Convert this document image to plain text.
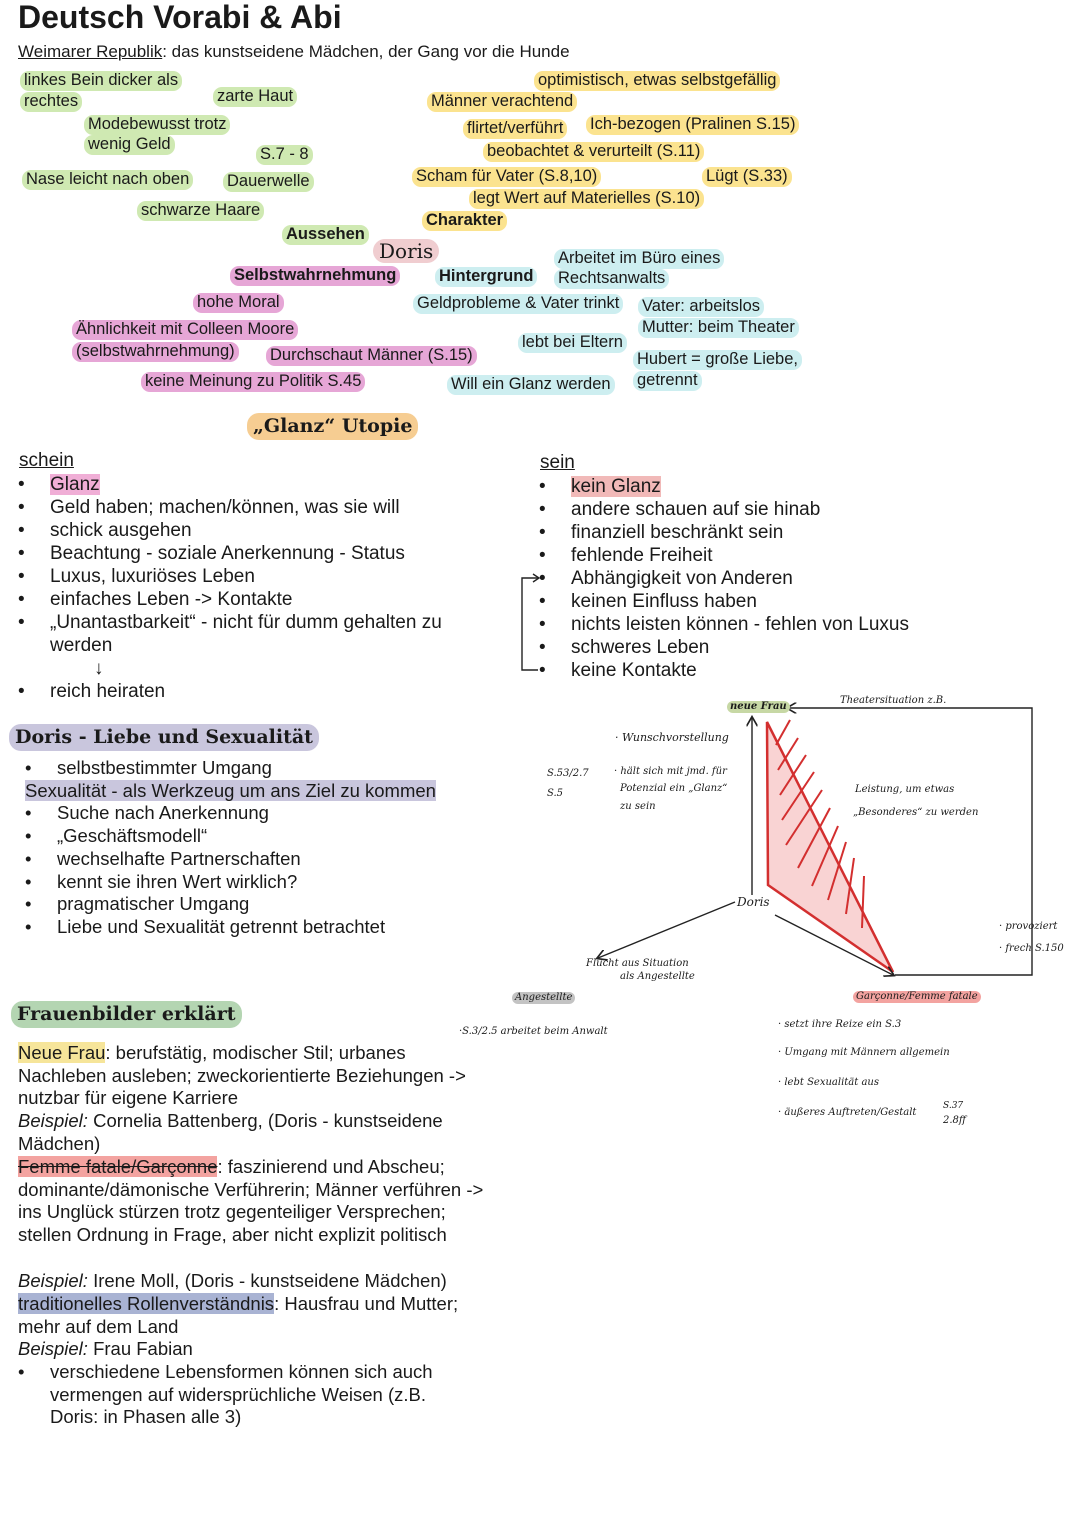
Deutsch Vorabi & Abi
Weimarer Republik: das kunstseidene Mädchen, der Gang vor die Hunde
linkes Bein dicker als
rechtes	zarte Haut
Modebewusst trotz
wenig Geld
Nase leicht nach oben Dauerwelle
schwarze Haare
S.7 - 8
Aussehen
optimistisch, etwas selbstgefällig
Männer verachtend
flirtet/verführt Ich-bezogen (Pralinen S.15)
beobachtet & verurteilt (S.11)
Scham für Vater (S.8,10)	Lügt (S.33)
legt Wert auf Materielles (S.10)
Charakter
Doris
Selbstwahrnehmung
hohe Moral
Ähnlichkeit mit Colleen Moore
(selbstwahrnehmung) Durchschaut Männer (S.15)
keine Meinung zu Politik S.45
Hintergrund
Arbeitet im Büro eines
Rechtsanwalts
Geldprobleme & Vater trinkt Vater: arbeitslos
Mutter: beim Theater
lebt bei Eltern
Hubert = große Liebe,
getrennt
Will ein Glanz werden
„Glanz“ Utopie
schein
• Glanz
• Geld haben; machen/können, was sie will
• schick ausgehen
• Beachtung - soziale Anerkennung - Status
• Luxus, luxuriöses Leben
• einfaches Leben -> Kontakte
• „Unantastbarkeit“ - nicht für dumm gehalten zu
werden
↓
• reich heiraten
sein
• kein Glanz
• andere schauen auf sie hinab
• finanziell beschränkt sein
• fehlende Freiheit
• Abhängigkeit von Anderen
• keinen Einfluss haben
• nichts leisten können - fehlen von Luxus
• schweres Leben
• keine Kontakte
Doris - Liebe und Sexualität
• selbstbestimmter Umgang
Sexualität - als Werkzeug um ans Ziel zu kommen
• Suche nach Anerkennung
• „Geschäftsmodell“
• wechselhafte Partnerschaften
• kennt sie ihren Wert wirklich?
• pragmatischer Umgang
• Liebe und Sexualität getrennt betrachtet
neue Frau
Theatersituation z.B.
· Wunschvorstellung
· hält sich mit jmd. für
Potenzial ein „Glanz“
zu sein
S.53/2.7
S.5	Leistung, um etwas
„Besonderes“ zu werden
Doris
· provoziert
· frech S.150
Flucht aus Situation
als Angestellte
Angestellte
·S.3/2.5 arbeitet beim Anwalt
Garçonne/Femme fatale
· setzt ihre Reize ein S.3
· Umgang mit Männern allgemein
· lebt Sexualität aus
· äußeres Auftreten/Gestalt
S.37
2.8ff
Frauenbilder erklärt
Neue Frau: berufstätig, modischer Stil; urbanes Nachleben ausleben; zweckorientierte Beziehungen -> nutzbar für eigene Karriere
Beispiel: Cornelia Battenberg, (Doris - kunstseidene Mädchen)
Femme fatale/Garçonne: faszinierend und Abscheu; dominante/dämonische Verführerin; Männer verführen -> ins Unglück stürzen trotz gegenteiliger Versprechen; stellen Ordnung in Frage, aber nicht explizit politisch
Beispiel: Irene Moll, (Doris - kunstseidene Mädchen)
traditionelles Rollenverständnis: Hausfrau und Mutter; mehr auf dem Land
Beispiel: Frau Fabian
• verschiedene Lebensformen können sich auch vermengen auf widersprüchliche Weisen (z.B. Doris: in Phasen alle 3)
